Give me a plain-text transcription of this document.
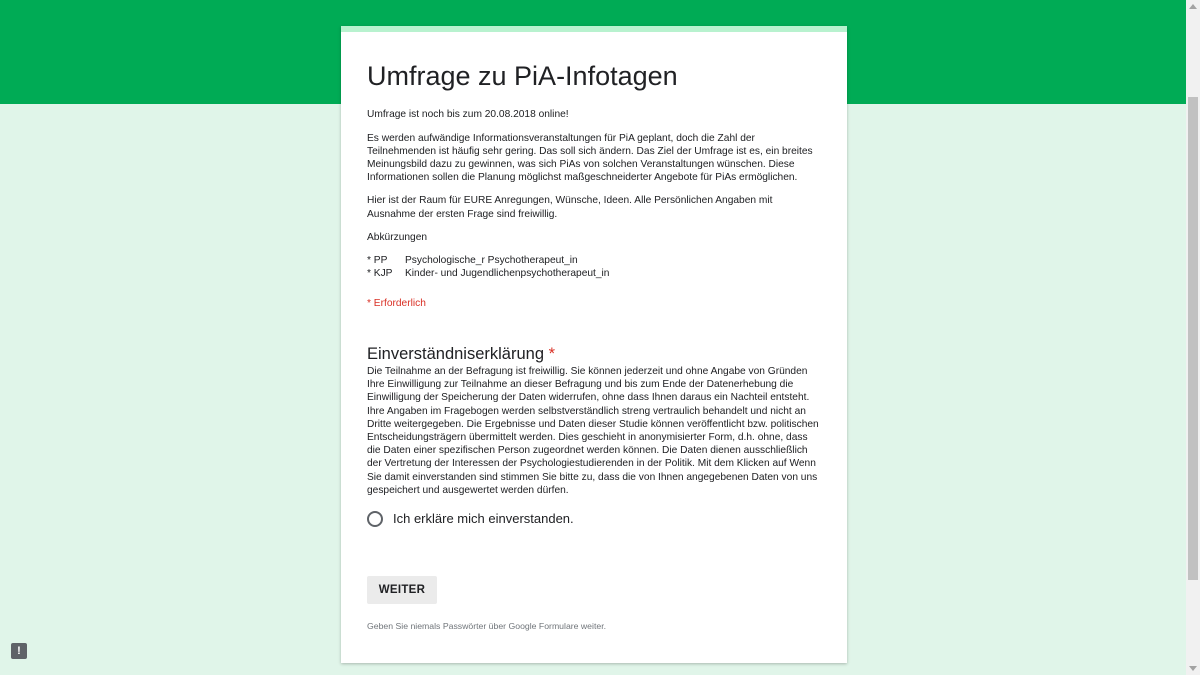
Umfrage zu PiA-Infotagen

Umfrage ist noch bis zum 20.08.2018 online!

Es werden aufwändige Informationsveranstaltungen für PiA geplant, doch die Zahl der Teilnehmenden ist häufig sehr gering. Das soll sich ändern. Das Ziel der Umfrage ist es, ein breites Meinungsbild dazu zu gewinnen, was sich PiAs von solchen Veranstaltungen wünschen. Diese Informationen sollen die Planung möglichst maßgeschneiderter Angebote für PiAs ermöglichen.

Hier ist der Raum für EURE Anregungen, Wünsche, Ideen. Alle Persönlichen Angaben mit Ausnahme der ersten Frage sind freiwillig.

Abkürzungen

* PP	Psychologische_r Psychotherapeut_in
* KJP	Kinder- und Jugendlichenpsychotherapeut_in
* Erforderlich
Einverständniserklärung *
Die Teilnahme an der Befragung ist freiwillig. Sie können jederzeit und ohne Angabe von Gründen Ihre Einwilligung zur Teilnahme an dieser Befragung und bis zum Ende der Datenerhebung die Einwilligung der Speicherung der Daten widerrufen, ohne dass Ihnen daraus ein Nachteil entsteht. Ihre Angaben im Fragebogen werden selbstverständlich streng vertraulich behandelt und nicht an Dritte weitergegeben. Die Ergebnisse und Daten dieser Studie können veröffentlicht bzw. politischen Entscheidungsträgern übermittelt werden. Dies geschieht in anonymisierter Form, d.h. ohne, dass die Daten einer spezifischen Person zugeordnet werden können. Die Daten dienen ausschließlich der Vertretung der Interessen der Psychologiestudierenden in der Politik. Mit dem Klicken auf Wenn Sie damit einverstanden sind stimmen Sie bitte zu, dass die von Ihnen angegebenen Daten von uns gespeichert und ausgewertet werden dürfen.
Ich erkläre mich einverstanden.
WEITER
Geben Sie niemals Passwörter über Google Formulare weiter.
!
